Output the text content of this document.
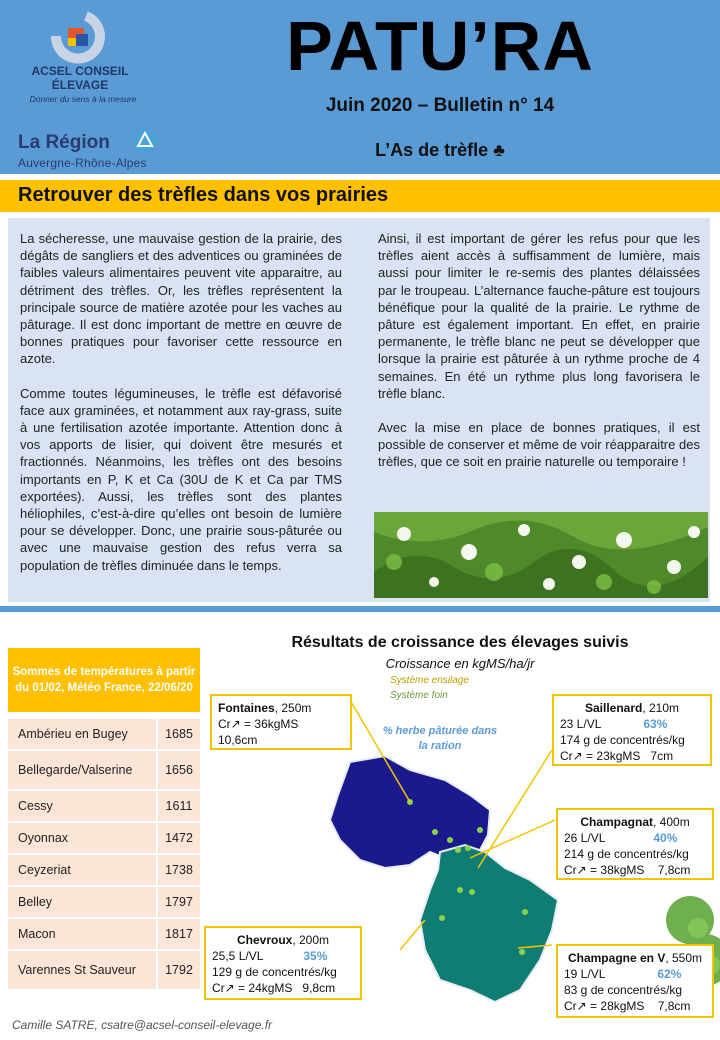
ACSEL CONSEIL ÉLEVAGE
Donner du sens à la mesure
La Région
Auvergne-Rhône-Alpes
PATU’RA
Juin 2020 – Bulletin n° 14
L’As de trèfle ♣
Retrouver des trèfles dans vos prairies

La sécheresse, une mauvaise gestion de la prairie, des dégâts de sangliers et des adventices ou graminées de faibles valeurs alimentaires peuvent vite apparaitre, au détriment des trèfles. Or, les trèfles représentent la principale source de matière azotée pour les vaches au pâturage. Il est donc important de mettre en œuvre de bonnes pratiques pour favoriser cette ressource en azote.

Comme toutes légumineuses, le trèfle est défavorisé face aux graminées, et notamment aux ray-grass, suite à une fertilisation azotée importante. Attention donc à vos apports de lisier, qui doivent être mesurés et fractionnés. Néanmoins, les trèfles ont des besoins importants en P, K et Ca (30U de K et Ca par TMS exportées). Aussi, les trèfles sont des plantes héliophiles, c’est-à-dire qu’elles ont besoin de lumière pour se développer. Donc, une prairie sous-pâturée ou avec une mauvaise gestion des refus verra sa population de trèfles diminuée dans le temps.

Ainsi, il est important de gérer les refus pour que les trèfles aient accès à suffisamment de lumière, mais aussi pour limiter le re-semis des plantes délaissées par le troupeau. L’alternance fauche-pâture est toujours bénéfique pour la qualité de la prairie. Le rythme de pâture est également important. En effet, en prairie permanente, le trèfle blanc ne peut se développer que lorsque la prairie est pâturée à un rythme proche de 4 semaines. En été un rythme plus long favorisera le trèfle blanc.

Avec la mise en place de bonnes pratiques, il est possible de conserver et même de voir réapparaitre des trèfles, que ce soit en prairie naturelle ou temporaire !

Résultats de croissance des élevages suivis
Croissance en kgMS/ha/jr
Système ensilage
Système foin
% herbe pâturée dans la ration
Sommes de températures à partir du 01/02, Météo France, 22/06/20
Ambérieu en Bugey	1685
Bellegarde/Valserine	1656
Cessy	1611
Oyonnax	1472
Ceyzeriat	1738
Belley	1797
Macon	1817
Varennes St Sauveur	1792
Fontaines, 250m
Cr↗ = 36kgMS
10,6cm
Saillenard, 210m
23 L/VL	63%
174 g de concentrés/kg
Cr↗ = 23kgMS   7cm
Champagnat, 400m
26 L/VL	40%
214 g de concentrés/kg
Cr↗ = 38kgMS    7,8cm
Chevroux, 200m
25,5 L/VL	35%
129 g de concentrés/kg
Cr↗ = 24kgMS   9,8cm
Champagne en V, 550m
19 L/VL	62%
83 g de concentrés/kg
Cr↗ = 28kgMS    7,8cm
Camille SATRE, csatre@acsel-conseil-elevage.fr
